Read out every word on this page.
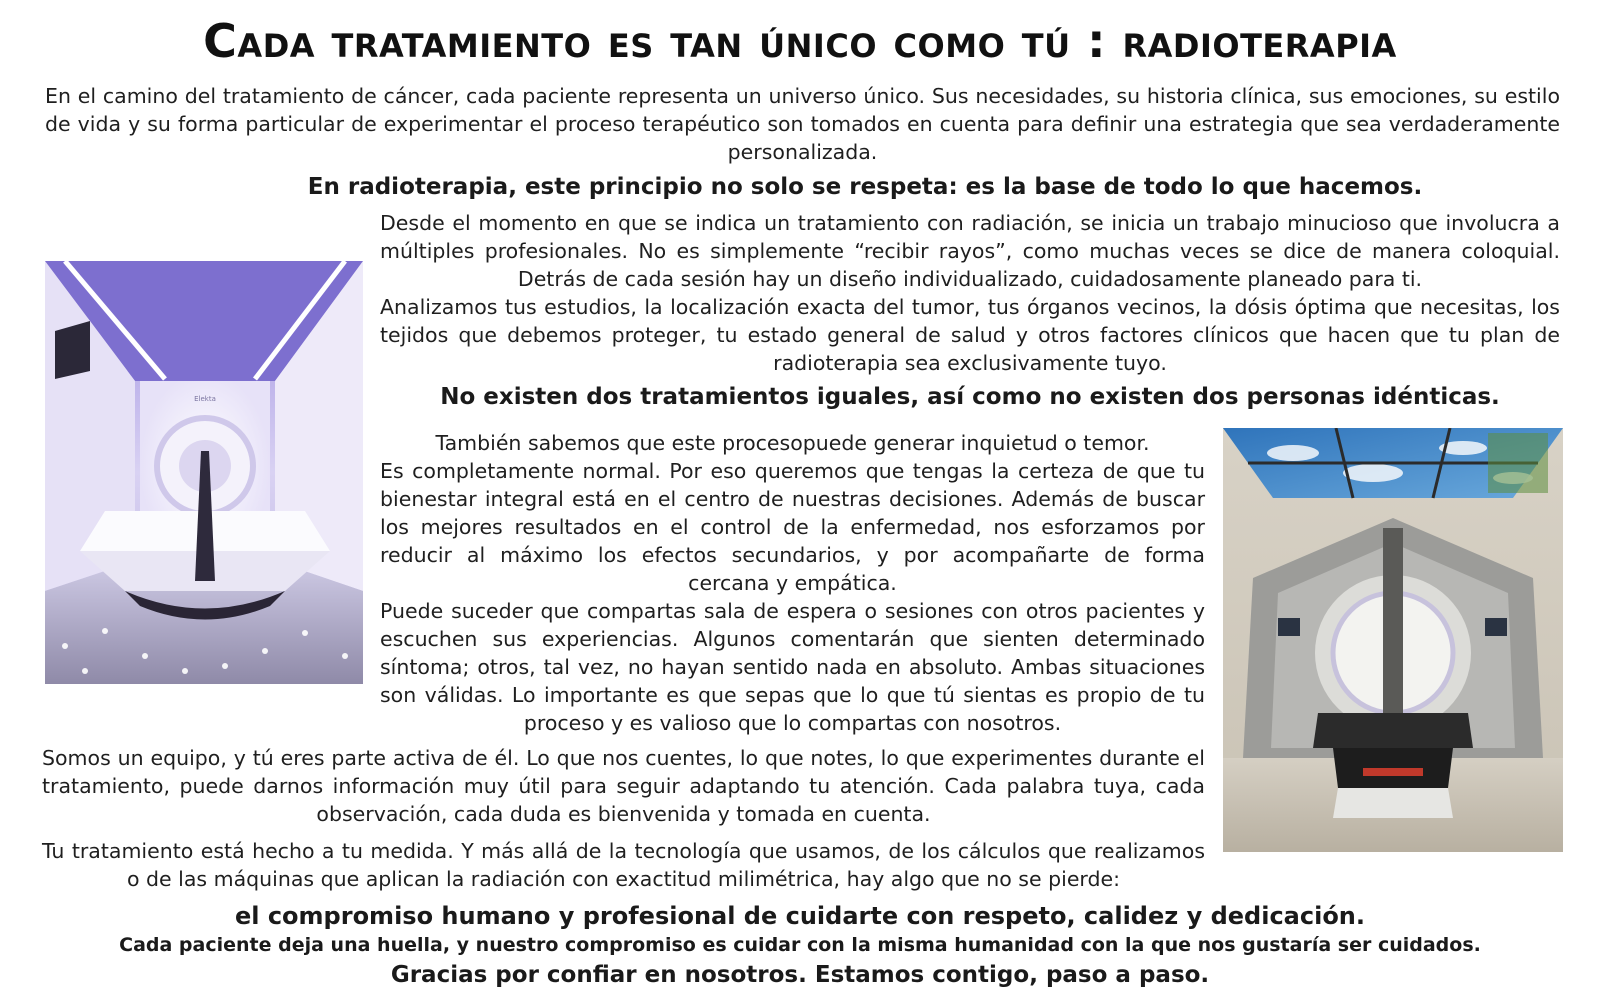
Cada tratamiento es tan único como tú : radioterapia
En el camino del tratamiento de cáncer, cada paciente representa un universo único. Sus necesidades, su historia clínica, sus emociones, su estilo de vida y su forma particular de experimentar el proceso terapéutico son tomados en cuenta para definir una estrategia que sea verdaderamente personalizada.
En radioterapia, este principio no solo se respeta: es la base de todo lo que hacemos.
Desde el momento en que se indica un tratamiento con radiación, se inicia un trabajo minucioso que involucra a múltiples profesionales. No es simplemente “recibir rayos”, como muchas veces se dice de manera coloquial. Detrás de cada sesión hay un diseño individualizado, cuidadosamente planeado para ti.
Analizamos tus estudios, la localización exacta del tumor, tus órganos vecinos, la dósis óptima que necesitas, los tejidos que debemos proteger, tu estado general de salud y otros factores clínicos que hacen que tu plan de radioterapia sea exclusivamente tuyo.
No existen dos tratamientos iguales, así como no existen dos personas idénticas.
También sabemos que este procesopuede generar inquietud o temor.
Es completamente normal. Por eso queremos que tengas la certeza de que tu bienestar integral está en el centro de nuestras decisiones. Además de buscar los mejores resultados en el control de la enfermedad, nos esforzamos por reducir al máximo los efectos secundarios, y por acompañarte de forma cercana y empática.
Puede suceder que compartas sala de espera o sesiones con otros pacientes y escuchen sus experiencias. Algunos comentarán que sienten determinado síntoma; otros, tal vez, no hayan sentido nada en absoluto. Ambas situaciones son válidas. Lo importante es que sepas que lo que tú sientas es propio de tu proceso y es valioso que lo compartas con nosotros.
Somos un equipo, y tú eres parte activa de él. Lo que nos cuentes, lo que notes, lo que experimentes durante el tratamiento, puede darnos información muy útil para seguir adaptando tu atención. Cada palabra tuya, cada observación, cada duda es bienvenida y tomada en cuenta.
Tu tratamiento está hecho a tu medida. Y más allá de la tecnología que usamos, de los cálculos que realizamos o de las máquinas que aplican la radiación con exactitud milimétrica, hay algo que no se pierde:
el compromiso humano y profesional de cuidarte con respeto, calidez y dedicación.
Cada paciente deja una huella, y nuestro compromiso es cuidar con la misma humanidad con la que nos gustaría ser cuidados.
Gracias por confiar en nosotros. Estamos contigo, paso a paso.
Elekta
